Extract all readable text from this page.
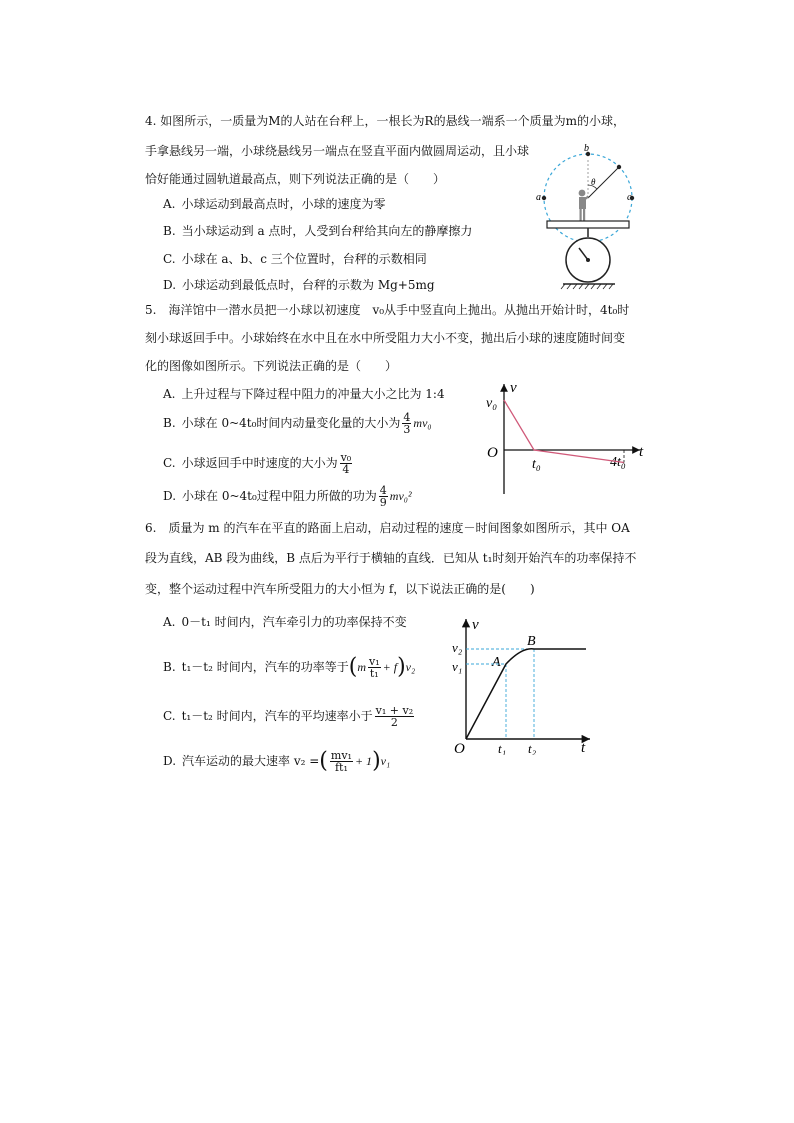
4. 如图所示，一质量为M的人站在台秤上，一根长为R的悬线一端系一个质量为m的小球，
手拿悬线另一端，小球绕悬线另一端点在竖直平面内做圆周运动，且小球
恰好能通过圆轨道最高点，则下列说法正确的是（　　）
A. 小球运动到最高点时，小球的速度为零
B. 当小球运动到 a 点时，人受到台秤给其向左的静摩擦力
C. 小球在 a、b、c 三个位置时，台秤的示数相同
D. 小球运动到最低点时，台秤的示数为 Mg+5mg
a
b
c
θ
5.　海洋馆中一潜水员把一小球以初速度　v₀从手中竖直向上抛出。从抛出开始计时，4t₀时
刻小球返回手中。小球始终在水中且在水中所受阻力大小不变，抛出后小球的速度随时间变
化的图像如图所示。下列说法正确的是（　　）
A. 上升过程与下降过程中阻力的冲量大小之比为 1:4
B. 小球在 0~4t₀时间内动量变化量的大小为 $\frac{4}{3} mv_0$
C. 小球返回手中时速度的大小为 $\frac{\text{v₀}}{4}$
D. 小球在 0~4t₀过程中阻力所做的功为 $\frac{4}{9} mv_0^2$
v
t
O
v₀
t₀	4t₀
6.　质量为 m 的汽车在平直的路面上启动，启动过程的速度－时间图象如图所示，其中 OA
段为直线，AB 段为曲线，B 点后为平行于横轴的直线．已知从 t₁时刻开始汽车的功率保持不
变，整个运动过程中汽车所受阻力的大小恒为 f，以下说法正确的是(　　)
A. 0－t₁ 时间内，汽车牵引力的功率保持不变
B. t₁－t₂ 时间内，汽车的功率等于$(m \frac{\text{v₁}}{\text{t₁}} + f)v_2$
C. t₁－t₂ 时间内，汽车的平均速率小于 $\frac{\text{v₁ + v₂}}{2}$
D. 汽车运动的最大速率 v₂ =( $\frac{\text{mv₁}}{\text{ft₁}} + 1)v_1$
v
t
O
v₂
v₁
t₁ t₂
A
B
